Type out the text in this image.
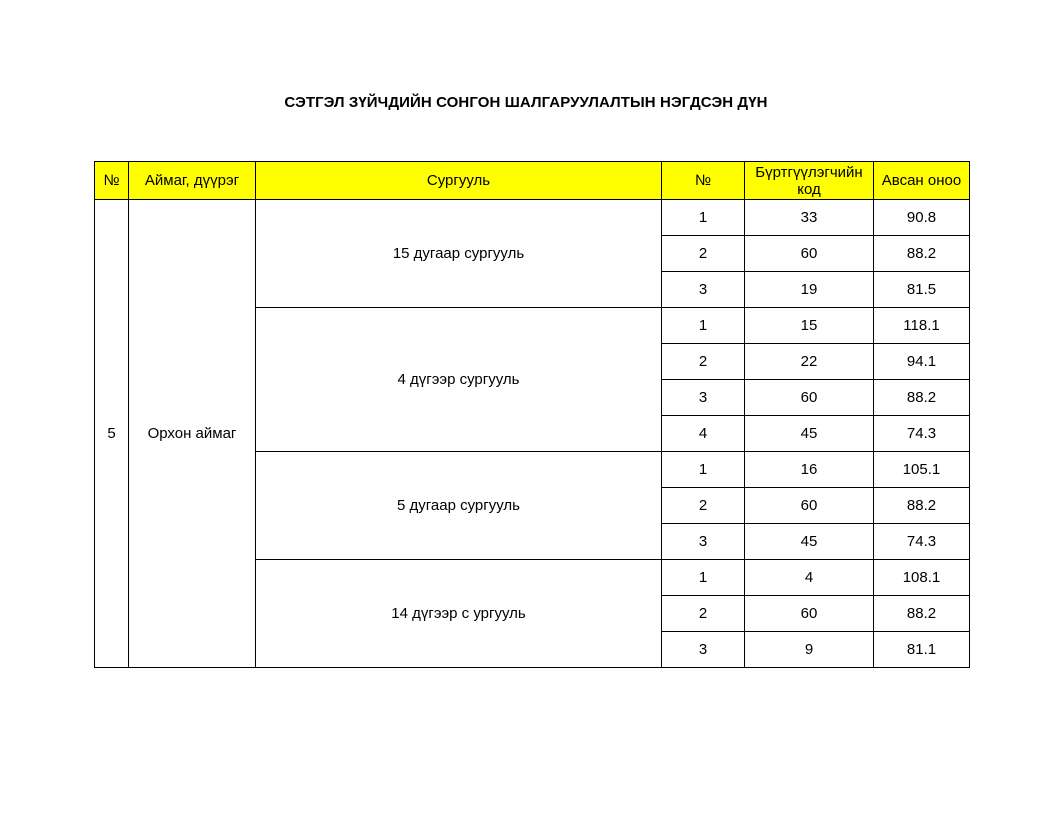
СЭТГЭЛ ЗҮЙЧДИЙН СОНГОН ШАЛГАРУУЛАЛТЫН НЭГДСЭН ДҮН
№	Аймаг, дүүрэг	Сургууль	№	Бүртгүүлэгчийн код	Авсан оноо
5	Орхон аймаг	15 дугаар сургууль	1	33	90.8
			2	60	88.2
			3	19	81.5
		4 дүгээр сургууль	1	15	118.1
			2	22	94.1
			3	60	88.2
			4	45	74.3
		5 дугаар сургууль	1	16	105.1
			2	60	88.2
			3	45	74.3
		14 дүгээр с ургууль	1	4	108.1
			2	60	88.2
			3	9	81.1
